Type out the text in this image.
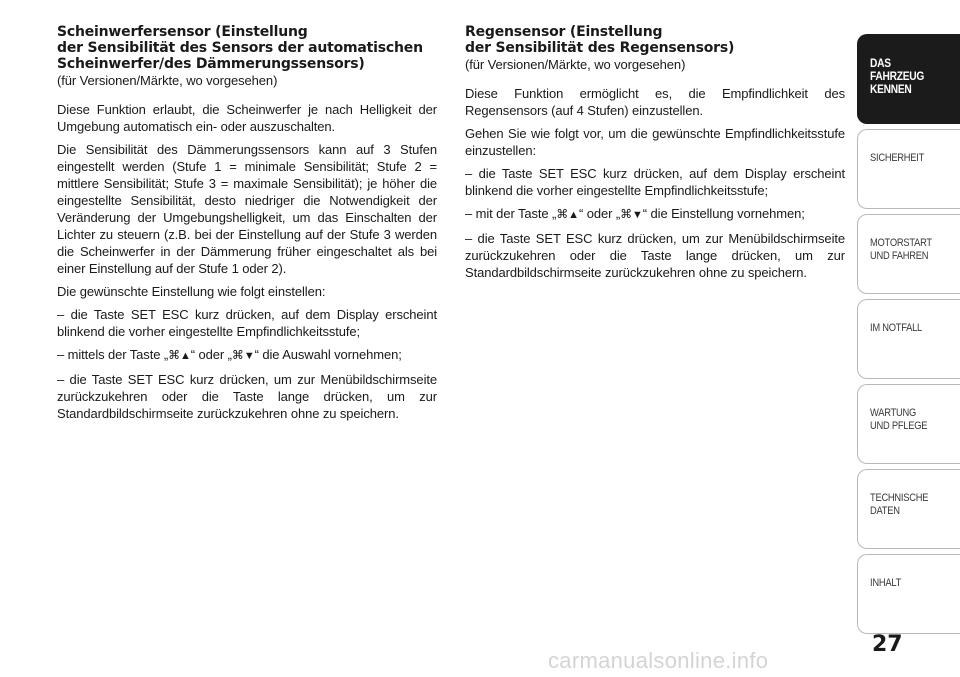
Scheinwerfersensor (Einstellung
der Sensibilität des Sensors der automatischen
Scheinwerfer/des Dämmerungssensors)
(für Versionen/Märkte, wo vorgesehen)

Diese Funktion erlaubt, die Scheinwerfer je nach Helligkeit der Umgebung automatisch ein- oder auszuschalten.

Die Sensibilität des Dämmerungssensors kann auf 3 Stufen eingestellt werden (Stufe 1 = minimale Sensibilität; Stufe 2 = mittlere Sensibilität; Stufe 3 = maximale Sensibilität); je höher die eingestellte Sensibilität, desto niedriger die Notwendigkeit der Veränderung der Umgebungshelligkeit, um das Einschalten der Lichter zu steuern (z.B. bei der Einstellung auf der Stufe 3 werden die Scheinwerfer in der Dämmerung früher eingeschaltet als bei einer Einstellung auf der Stufe 1 oder 2).

Die gewünschte Einstellung wie folgt einstellen:

– die Taste SET ESC kurz drücken, auf dem Display erscheint blinkend die vorher eingestellte Empfindlichkeitsstufe;

– mittels der Taste „⌘▲“ oder „⌘▼“ die Auswahl vornehmen;

– die Taste SET ESC kurz drücken, um zur Menübildschirmseite zurückzukehren oder die Taste lange drücken, um zur Standardbildschirmseite zurückzukehren ohne zu speichern.

Regensensor (Einstellung
der Sensibilität des Regensensors)
(für Versionen/Märkte, wo vorgesehen)

Diese Funktion ermöglicht es, die Empfindlichkeit des Regensensors (auf 4 Stufen) einzustellen.

Gehen Sie wie folgt vor, um die gewünschte Empfindlichkeitsstufe einzustellen:

– die Taste SET ESC kurz drücken, auf dem Display erscheint blinkend die vorher eingestellte Empfindlichkeitsstufe;

– mit der Taste „⌘▲“ oder „⌘▼“ die Einstellung vornehmen;

– die Taste SET ESC kurz drücken, um zur Menübildschirmseite zurückzukehren oder die Taste lange drücken, um zur Standardbildschirmseite zurückzukehren ohne zu speichern.

DAS FAHRZEUG
KENNEN
SICHERHEIT
MOTORSTART
UND FAHREN
IM NOTFALL
WARTUNG
UND PFLEGE
TECHNISCHE
DATEN
INHALT
27
carmanualsonline.info
